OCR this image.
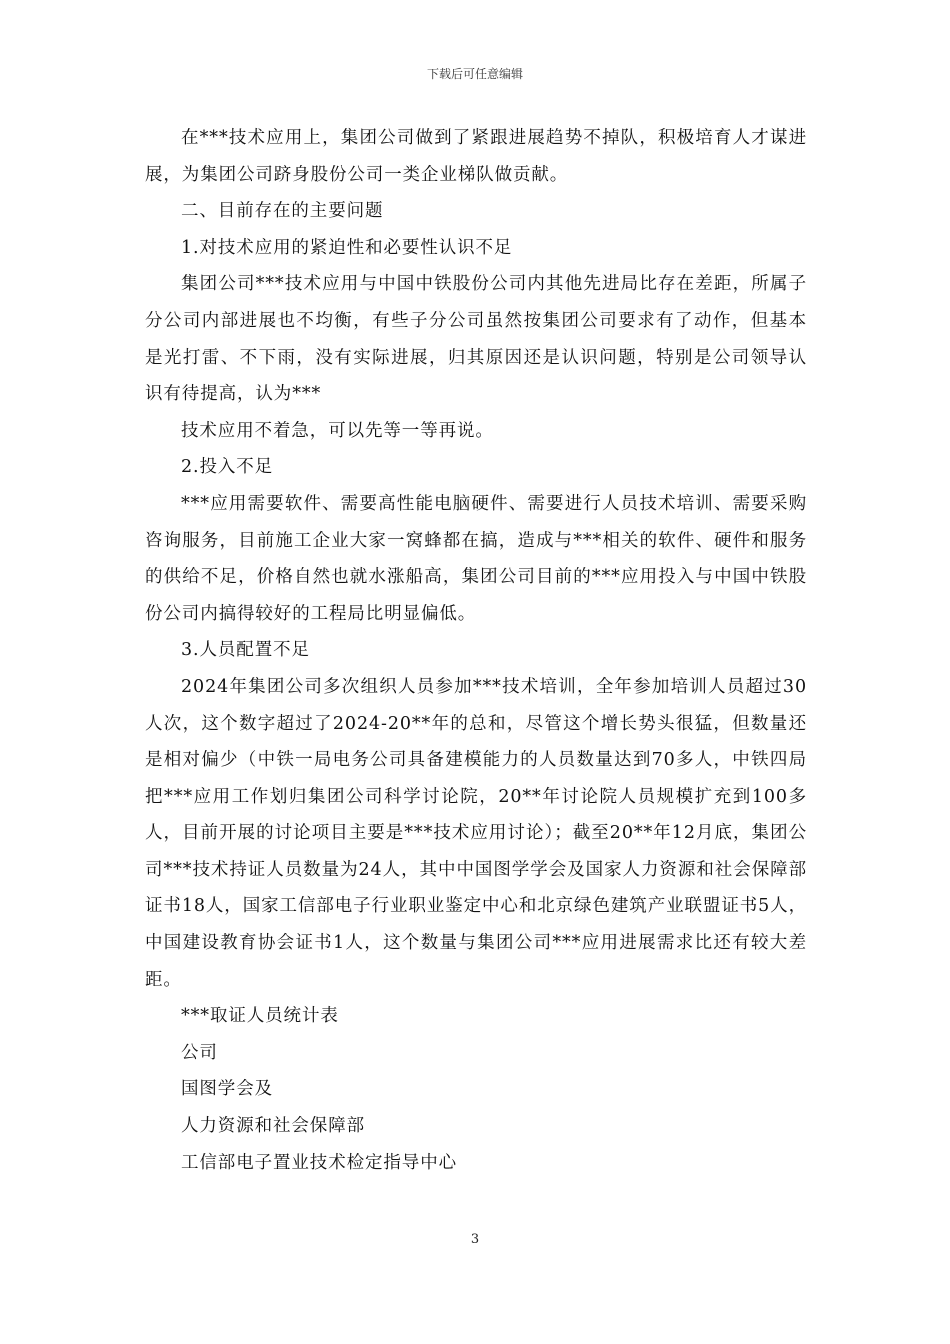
下载后可任意编辑

在***技术应用上，集团公司做到了紧跟进展趋势不掉队，积极培育人才谋进展，为集团公司跻身股份公司一类企业梯队做贡献。

二、目前存在的主要问题

1.对技术应用的紧迫性和必要性认识不足

集团公司***技术应用与中国中铁股份公司内其他先进局比存在差距，所属子分公司内部进展也不均衡，有些子分公司虽然按集团公司要求有了动作，但基本是光打雷、不下雨，没有实际进展，归其原因还是认识问题，特别是公司领导认识有待提高，认为***

技术应用不着急，可以先等一等再说。

2.投入不足

***应用需要软件、需要高性能电脑硬件、需要进行人员技术培训、需要采购咨询服务，目前施工企业大家一窝蜂都在搞，造成与***相关的软件、硬件和服务的供给不足，价格自然也就水涨船高，集团公司目前的***应用投入与中国中铁股份公司内搞得较好的工程局比明显偏低。

3.人员配置不足

2024年集团公司多次组织人员参加***技术培训，全年参加培训人员超过30人次，这个数字超过了2024-20**年的总和，尽管这个增长势头很猛，但数量还是相对偏少（中铁一局电务公司具备建模能力的人员数量达到70多人，中铁四局把***应用工作划归集团公司科学讨论院，20**年讨论院人员规模扩充到100多人，目前开展的讨论项目主要是***技术应用讨论）；截至20**年12月底，集团公司***技术持证人员数量为24人，其中中国图学学会及国家人力资源和社会保障部证书18人，国家工信部电子行业职业鉴定中心和北京绿色建筑产业联盟证书5人，中国建设教育协会证书1人，这个数量与集团公司***应用进展需求比还有较大差距。

***取证人员统计表

公司

国图学会及

人力资源和社会保障部

工信部电子置业技术检定指导中心

3
